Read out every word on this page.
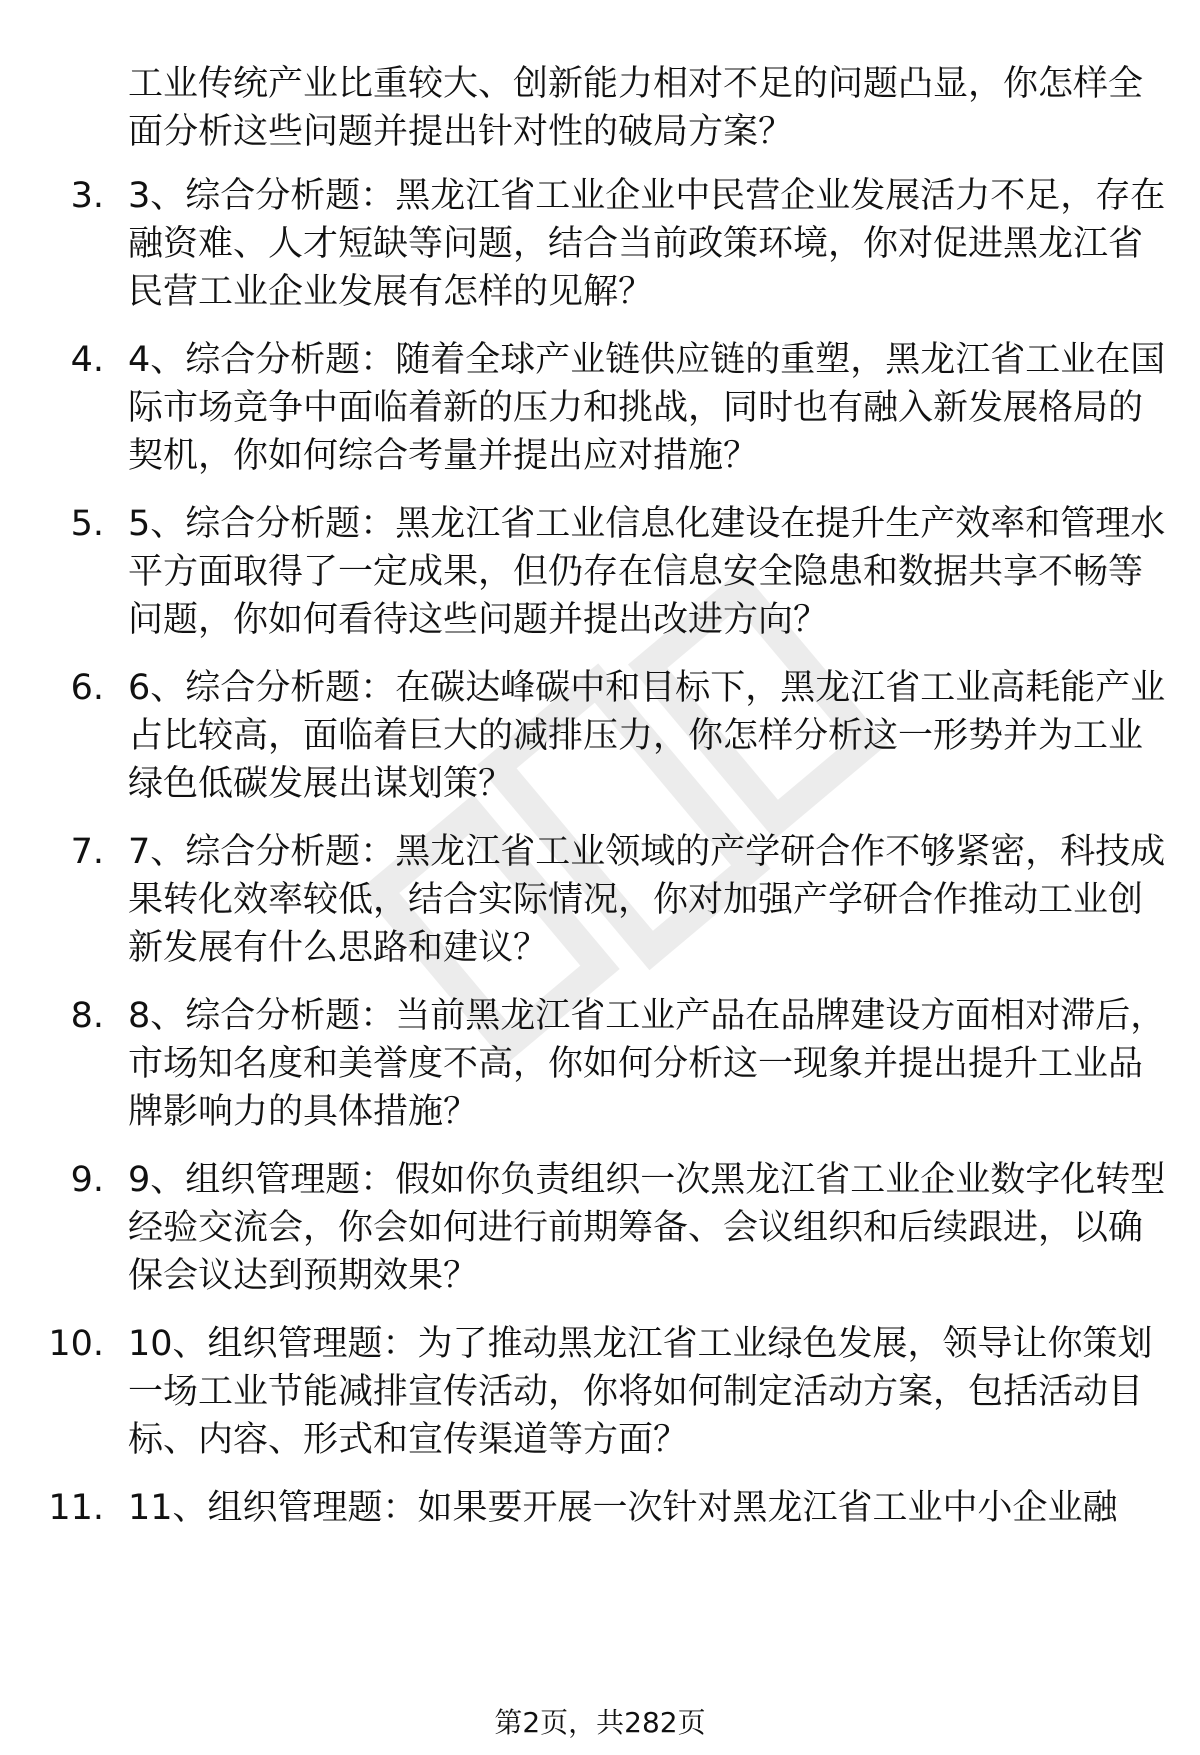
工业传统产业比重较大、创新能力相对不足的问题凸显，你怎样全面分析这些问题并提出针对性的破局方案？
3. 3、综合分析题：黑龙江省工业企业中民营企业发展活力不足，存在融资难、人才短缺等问题，结合当前政策环境，你对促进黑龙江省民营工业企业发展有怎样的见解？
4. 4、综合分析题：随着全球产业链供应链的重塑，黑龙江省工业在国际市场竞争中面临着新的压力和挑战，同时也有融入新发展格局的契机，你如何综合考量并提出应对措施？
5. 5、综合分析题：黑龙江省工业信息化建设在提升生产效率和管理水平方面取得了一定成果，但仍存在信息安全隐患和数据共享不畅等问题，你如何看待这些问题并提出改进方向？
6. 6、综合分析题：在碳达峰碳中和目标下，黑龙江省工业高耗能产业占比较高，面临着巨大的减排压力，你怎样分析这一形势并为工业绿色低碳发展出谋划策？
7. 7、综合分析题：黑龙江省工业领域的产学研合作不够紧密，科技成果转化效率较低，结合实际情况，你对加强产学研合作推动工业创新发展有什么思路和建议？
8. 8、综合分析题：当前黑龙江省工业产品在品牌建设方面相对滞后，市场知名度和美誉度不高，你如何分析这一现象并提出提升工业品牌影响力的具体措施？
9. 9、组织管理题：假如你负责组织一次黑龙江省工业企业数字化转型经验交流会，你会如何进行前期筹备、会议组织和后续跟进，以确保会议达到预期效果？
10. 10、组织管理题：为了推动黑龙江省工业绿色发展，领导让你策划一场工业节能减排宣传活动，你将如何制定活动方案，包括活动目标、内容、形式和宣传渠道等方面？
11. 11、组织管理题：如果要开展一次针对黑龙江省工业中小企业融
第2页，共282页
